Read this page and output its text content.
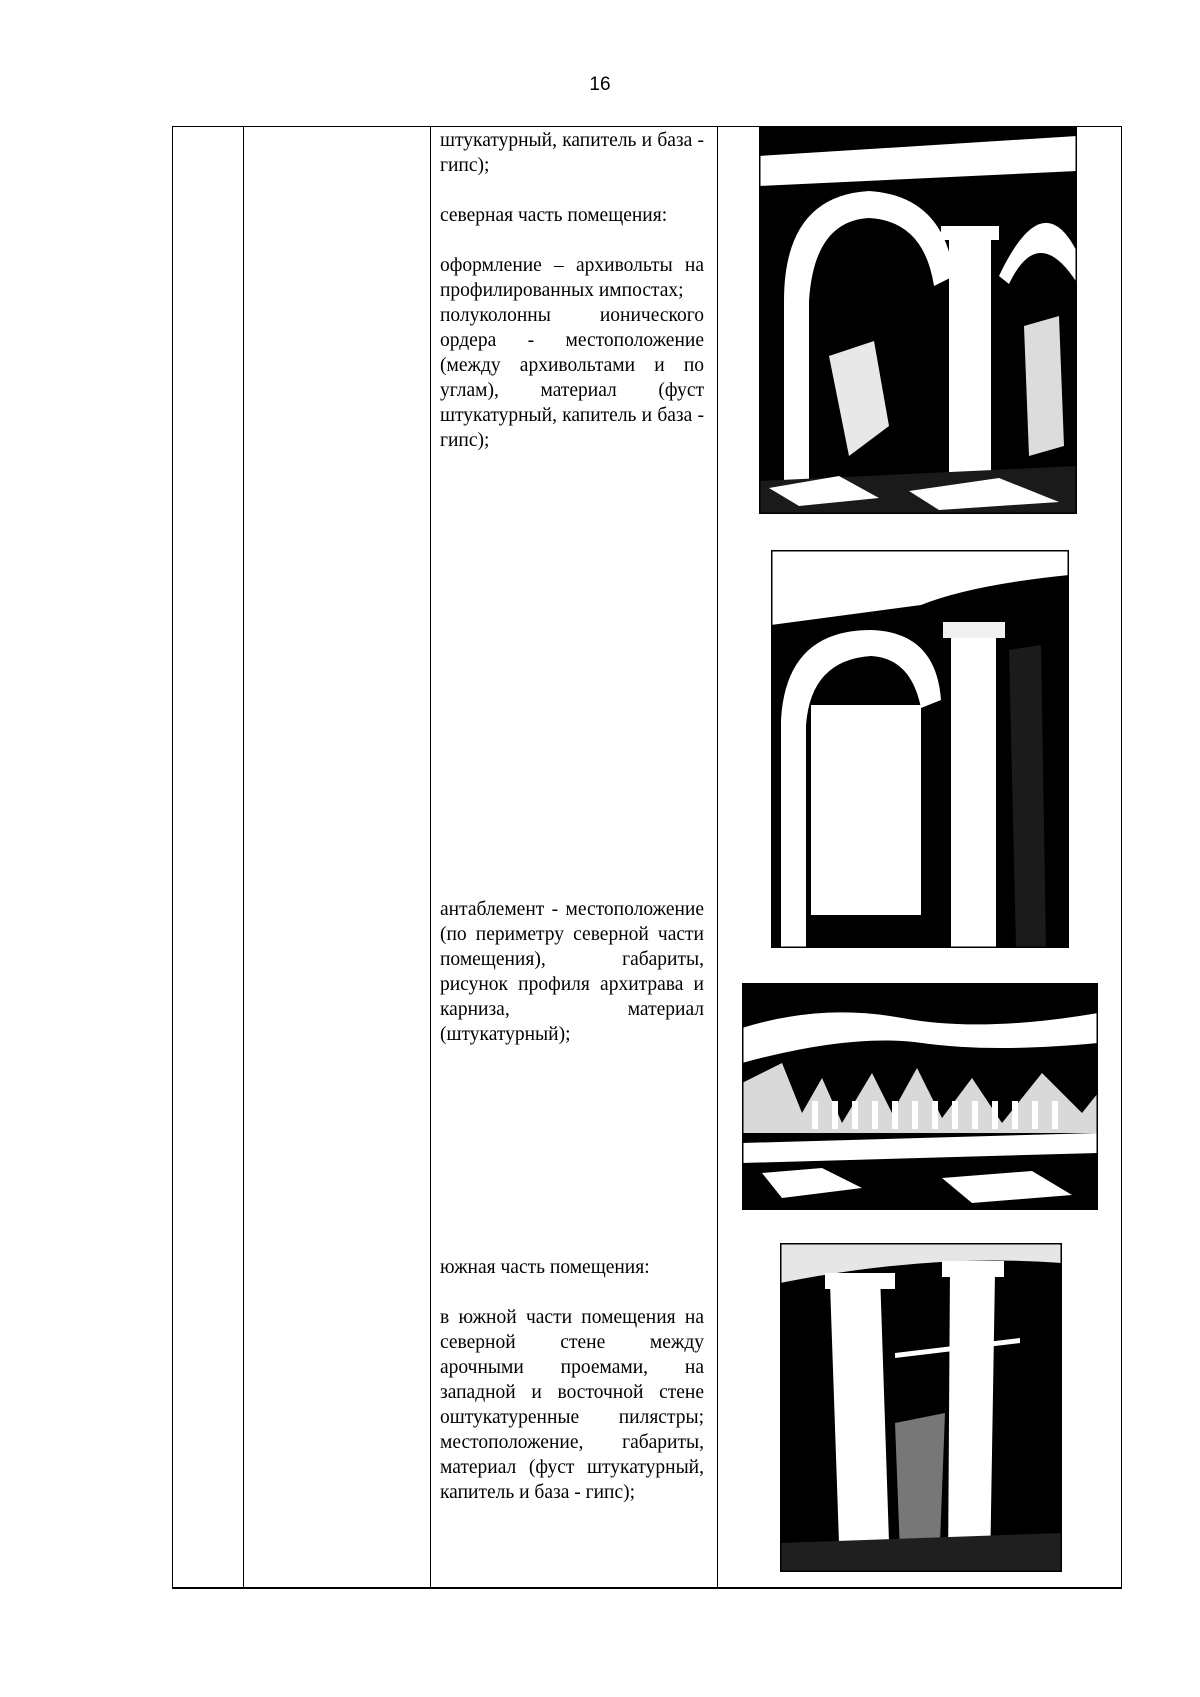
16

штукатурный, капитель и база - гипс);

северная часть помещения:

оформление – архивольты на профилированных импостах;

полуколонны ионического ордера - местоположение (между архивольтами и по углам), материал (фуст штукатурный, капитель и база - гипс);

антаблемент - местоположение (по периметру северной части помещения), габариты, рисунок профиля архитрава и карниза, материал (штукатурный);

южная часть помещения:

в южной части помещения на северной стене между арочными проемами, на западной и восточной стене оштукатуренные пилястры; местоположение, габариты, материал (фуст штукатурный, капитель и база - гипс);
